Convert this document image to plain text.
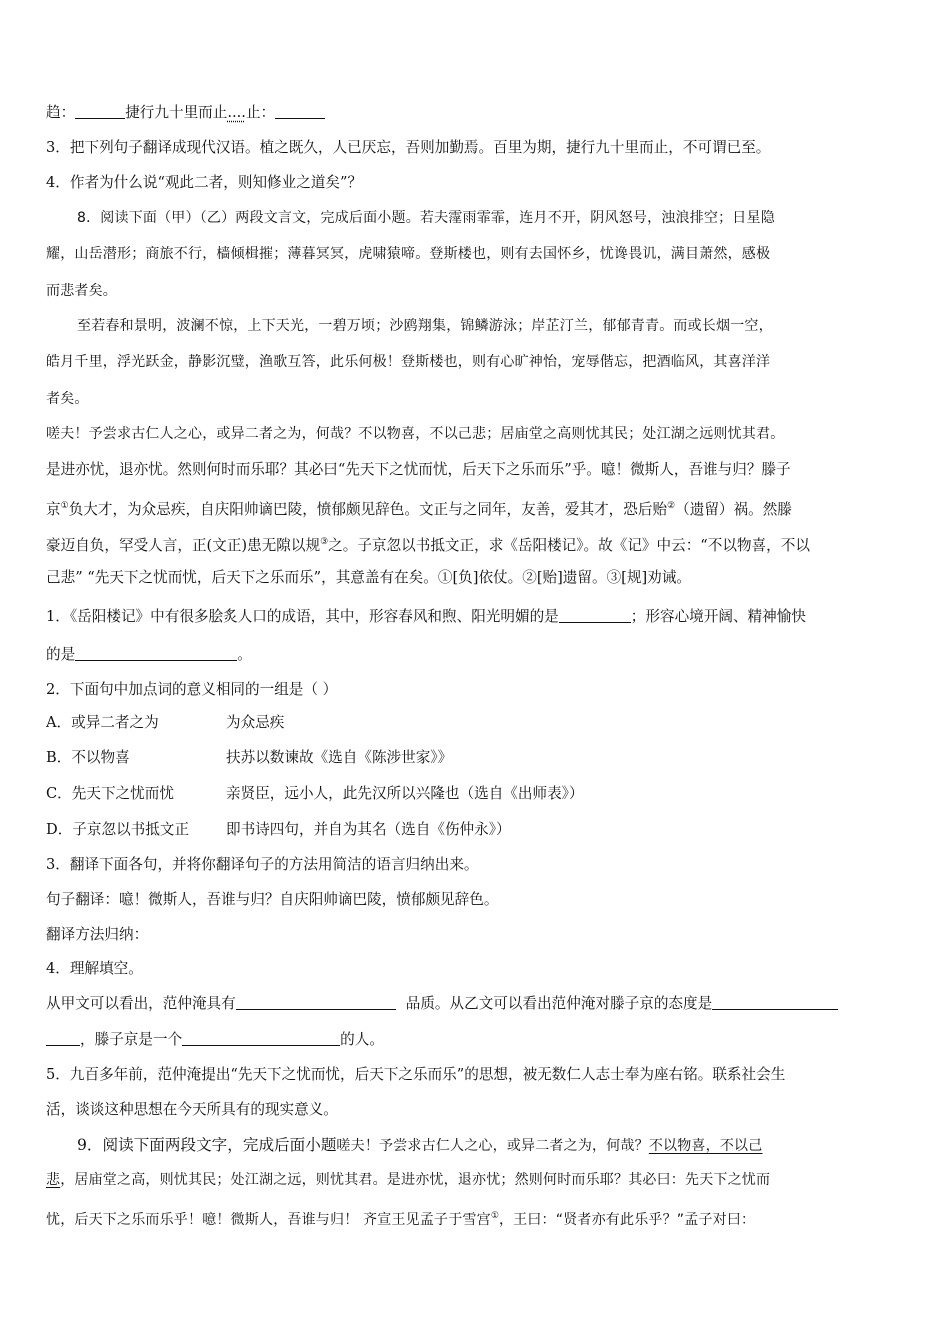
趋：	捷行九十里而止....止：
3．把下列句子翻译成现代汉语。植之既久，人已厌忘，吾则加勤焉。百里为期，捷行九十里而止，不可谓已至。
4．作者为什么说“观此二者，则知修业之道矣”？
8．阅读下面（甲）（乙）两段文言文，完成后面小题。若夫霪雨霏霏，连月不开，阴风怒号，浊浪排空；日星隐
耀，山岳潜形；商旅不行，樯倾楫摧；薄暮冥冥，虎啸猿啼。登斯楼也，则有去国怀乡，忧谗畏讥，满目萧然，感极
而悲者矣。
至若春和景明，波澜不惊，上下天光，一碧万顷；沙鸥翔集，锦鳞游泳；岸芷汀兰，郁郁青青。而或长烟一空，
皓月千里，浮光跃金，静影沉璧，渔歌互答，此乐何极！登斯楼也，则有心旷神怡，宠辱偕忘，把酒临风，其喜洋洋
者矣。
嗟夫！予尝求古仁人之心，或异二者之为，何哉？不以物喜，不以己悲；居庙堂之高则忧其民；处江湖之远则忧其君。
是进亦忧，退亦忧。然则何时而乐耶？其必曰“先天下之忧而忧，后天下之乐而乐”乎。噫！微斯人，吾谁与归？滕子
京①负大才，为众忌疾，自庆阳帅谪巴陵，愤郁颇见辞色。文正与之同年，友善，爱其才，恐后贻②（遗留）祸。然滕
豪迈自负，罕受人言，正(文正)患无隙以规③之。子京忽以书抵文正，求《岳阳楼记》。故《记》中云：“不以物喜，不以
己悲” “先天下之忧而忧，后天下之乐而乐”，其意盖有在矣。①[负]依仗。②[贻]遗留。③[规]劝诫。
1．《岳阳楼记》中有很多脍炙人口的成语，其中，形容春风和煦、阳光明媚的是	；形容心境开阔、精神愉快
的是	。
2．下面句中加点词的意义相同的一组是（ ）
A．或异二者之为	为众忌疾
B．不以物喜	扶苏以数谏故《选自《陈涉世家》》
C．先天下之忧而忧	亲贤臣，远小人，此先汉所以兴隆也（选自《出师表》）
D．子京忽以书抵文正	即书诗四句，并自为其名（选自《伤仲永》）
3．翻译下面各句，并将你翻译句子的方法用简洁的语言归纳出来。
句子翻译：噫！微斯人，吾谁与归？自庆阳帅谪巴陵，愤郁颇见辞色。
翻译方法归纳：
4．理解填空。
从甲文可以看出，范仲淹具有	品质。从乙文可以看出范仲淹对滕子京的态度是
，滕子京是一个	的人。
5．九百多年前，范仲淹提出“先天下之忧而忧，后天下之乐而乐”的思想，被无数仁人志士奉为座右铭。联系社会生
活，谈谈这种思想在今天所具有的现实意义。
9．阅读下面两段文字，完成后面小题嗟夫！予尝求古仁人之心，或异二者之为，何哉？不以物喜，不以己
悲，居庙堂之高，则忧其民；处江湖之远，则忧其君。是进亦忧，退亦忧；然则何时而乐耶？其必曰：先天下之忧而
忧，后天下之乐而乐乎！噫！微斯人，吾谁与归！ 齐宣王见孟子于雪宫①，王曰：“贤者亦有此乐乎？”孟子对曰：
